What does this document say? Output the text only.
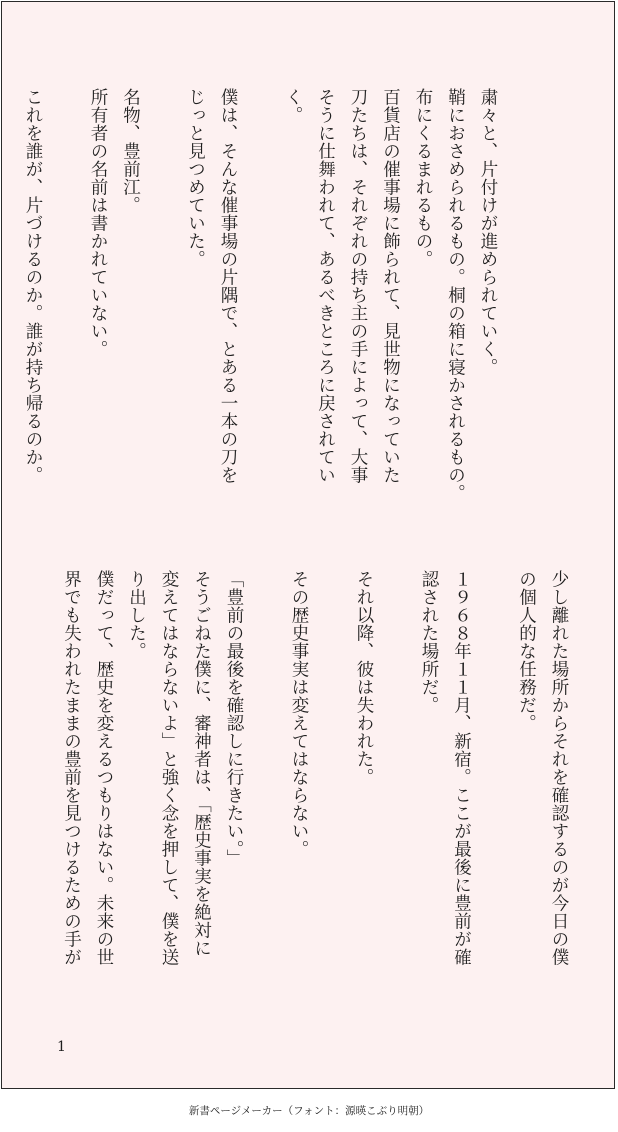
粛々と、片付けが進められていく。
鞘におさめられるもの。桐の箱に寝かされるもの。
布にくるまれるもの。
百貨店の催事場に飾られて、見世物になっていた
刀たちは、それぞれの持ち主の手によって、大事
そうに仕舞われて、あるべきところに戻されてい
く。

僕は、そんな催事場の片隅で、とある一本の刀を
じっと見つめていた。

名物、豊前江。
所有者の名前は書かれていない。

これを誰が、片づけるのか。誰が持ち帰るのか。
少し離れた場所からそれを確認するのが今日の僕
の個人的な任務だ。

１９６８年１１月、新宿。ここが最後に豊前が確
認された場所だ。

それ以降、彼は失われた。

その歴史事実は変えてはならない。

「豊前の最後を確認しに行きたい。」
そうごねた僕に、審神者は、「歴史事実を絶対に
変えてはならないよ」と強く念を押して、僕を送
り出した。
僕だって、歴史を変えるつもりはない。未来の世
界でも失われたままの豊前を見つけるための手が
1
新書ページメーカー（フォント：源暎こぶり明朝）
